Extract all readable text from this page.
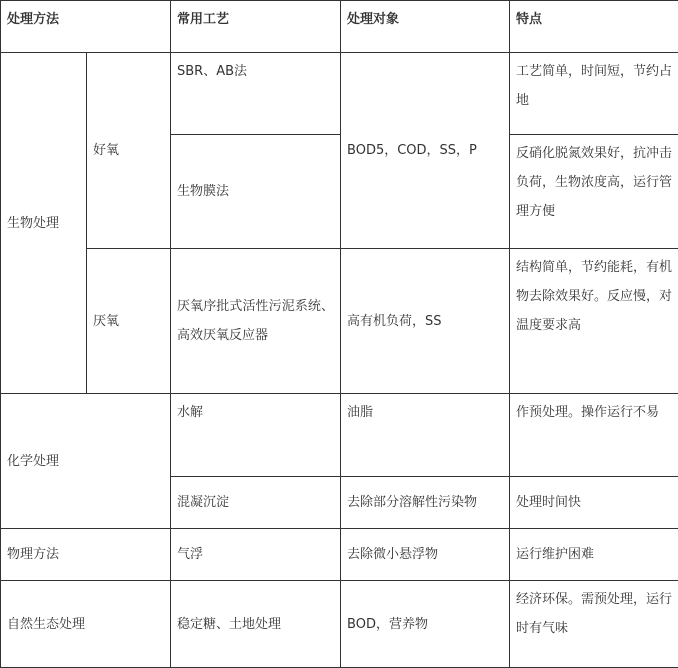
处理方法		常用工艺	处理对象	特点
生物处理	好氧	SBR、AB法	BOD5，COD，SS，P	工艺简单，时间短，节约占地
		生物膜法		反硝化脱氮效果好，抗冲击负荷，生物浓度高，运行管理方便
	厌氧	厌氧序批式活性污泥系统、高效厌氧反应器	高有机负荷，SS	结构简单，节约能耗，有机物去除效果好。反应慢，对温度要求高
化学处理		水解	油脂	作预处理。操作运行不易
		混凝沉淀	去除部分溶解性污染物	处理时间快
物理方法		气浮	去除微小悬浮物	运行维护困难
自然生态处理		稳定糖、土地处理	BOD，营养物	经济环保。需预处理，运行时有气味
